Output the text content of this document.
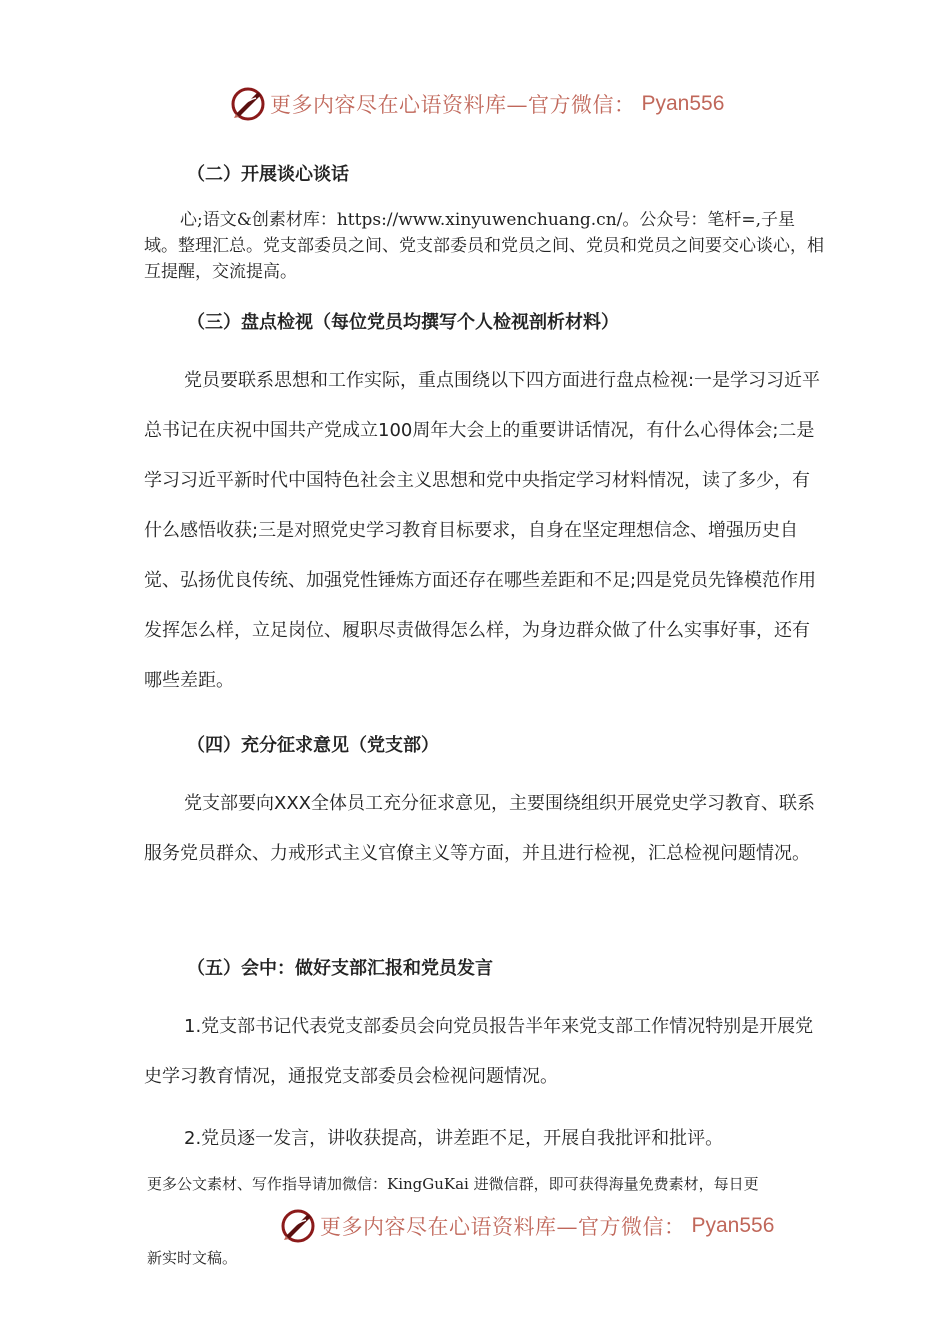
更多内容尽在心语资料库—官方微信： Pyan556
（二）开展谈心谈话
心;语文&创素材库：https://www.xinyuwenchuang.cn/。公众号：笔杆=,子星域。整理汇总。党支部委员之间、党支部委员和党员之间、党员和党员之间要交心谈心，相互提醒，交流提高。
（三）盘点检视（每位党员均撰写个人检视剖析材料）
党员要联系思想和工作实际，重点围绕以下四方面进行盘点检视:一是学习习近平总书记在庆祝中国共产党成立100周年大会上的重要讲话情况，有什么心得体会;二是学习习近平新时代中国特色社会主义思想和党中央指定学习材料情况，读了多少，有什么感悟收获;三是对照党史学习教育目标要求，自身在坚定理想信念、增强历史自觉、弘扬优良传统、加强党性锤炼方面还存在哪些差距和不足;四是党员先锋模范作用发挥怎么样，立足岗位、履职尽责做得怎么样，为身边群众做了什么实事好事，还有哪些差距。
（四）充分征求意见（党支部）
党支部要向XXX全体员工充分征求意见，主要围绕组织开展党史学习教育、联系服务党员群众、力戒形式主义官僚主义等方面，并且进行检视，汇总检视问题情况。
（五）会中：做好支部汇报和党员发言
1.党支部书记代表党支部委员会向党员报告半年来党支部工作情况特别是开展党史学习教育情况，通报党支部委员会检视问题情况。
2.党员逐一发言，讲收获提高，讲差距不足，开展自我批评和批评。
更多公文素材、写作指导请加微信：KingGuKai 进微信群，即可获得海量免费素材，每日更
更多内容尽在心语资料库—官方微信： Pyan556
新实时文稿。
